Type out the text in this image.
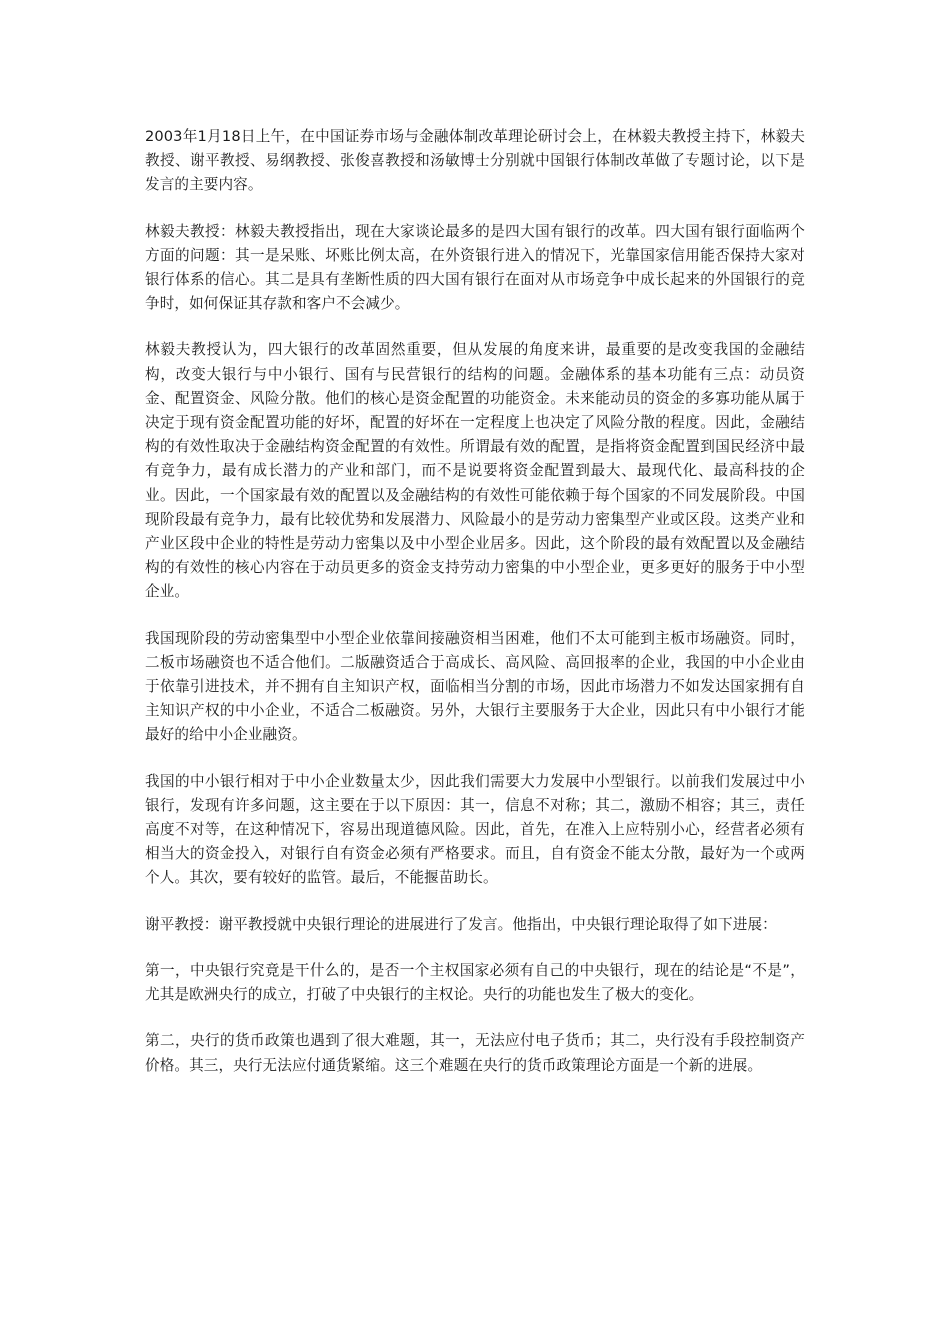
2003年1月18日上午，在中国证券市场与金融体制改革理论研讨会上，在林毅夫教授主持下，林毅夫教授、谢平教授、易纲教授、张俊喜教授和汤敏博士分别就中国银行体制改革做了专题讨论，以下是发言的主要内容。

林毅夫教授：林毅夫教授指出，现在大家谈论最多的是四大国有银行的改革。四大国有银行面临两个方面的问题：其一是呆账、坏账比例太高，在外资银行进入的情况下，光靠国家信用能否保持大家对银行体系的信心。其二是具有垄断性质的四大国有银行在面对从市场竞争中成长起来的外国银行的竞争时，如何保证其存款和客户不会减少。

林毅夫教授认为，四大银行的改革固然重要，但从发展的角度来讲，最重要的是改变我国的金融结构，改变大银行与中小银行、国有与民营银行的结构的问题。金融体系的基本功能有三点：动员资金、配置资金、风险分散。他们的核心是资金配置的功能资金。未来能动员的资金的多寡功能从属于决定于现有资金配置功能的好坏，配置的好坏在一定程度上也决定了风险分散的程度。因此，金融结构的有效性取决于金融结构资金配置的有效性。所谓最有效的配置，是指将资金配置到国民经济中最有竞争力，最有成长潜力的产业和部门，而不是说要将资金配置到最大、最现代化、最高科技的企业。因此，一个国家最有效的配置以及金融结构的有效性可能依赖于每个国家的不同发展阶段。中国现阶段最有竞争力，最有比较优势和发展潜力、风险最小的是劳动力密集型产业或区段。这类产业和产业区段中企业的特性是劳动力密集以及中小型企业居多。因此，这个阶段的最有效配置以及金融结构的有效性的核心内容在于动员更多的资金支持劳动力密集的中小型企业，更多更好的服务于中小型企业。

我国现阶段的劳动密集型中小型企业依靠间接融资相当困难，他们不太可能到主板市场融资。同时，二板市场融资也不适合他们。二版融资适合于高成长、高风险、高回报率的企业，我国的中小企业由于依靠引进技术，并不拥有自主知识产权，面临相当分割的市场，因此市场潜力不如发达国家拥有自主知识产权的中小企业，不适合二板融资。另外，大银行主要服务于大企业，因此只有中小银行才能最好的给中小企业融资。

我国的中小银行相对于中小企业数量太少，因此我们需要大力发展中小型银行。以前我们发展过中小银行，发现有许多问题，这主要在于以下原因：其一，信息不对称；其二，激励不相容；其三，责任高度不对等，在这种情况下，容易出现道德风险。因此，首先，在准入上应特别小心，经营者必须有相当大的资金投入，对银行自有资金必须有严格要求。而且，自有资金不能太分散，最好为一个或两个人。其次，要有较好的监管。最后，不能揠苗助长。

谢平教授：谢平教授就中央银行理论的进展进行了发言。他指出，中央银行理论取得了如下进展：

第一，中央银行究竟是干什么的，是否一个主权国家必须有自己的中央银行，现在的结论是“不是”，尤其是欧洲央行的成立，打破了中央银行的主权论。央行的功能也发生了极大的变化。

第二，央行的货币政策也遇到了很大难题，其一，无法应付电子货币；其二，央行没有手段控制资产价格。其三，央行无法应付通货紧缩。这三个难题在央行的货币政策理论方面是一个新的进展。
